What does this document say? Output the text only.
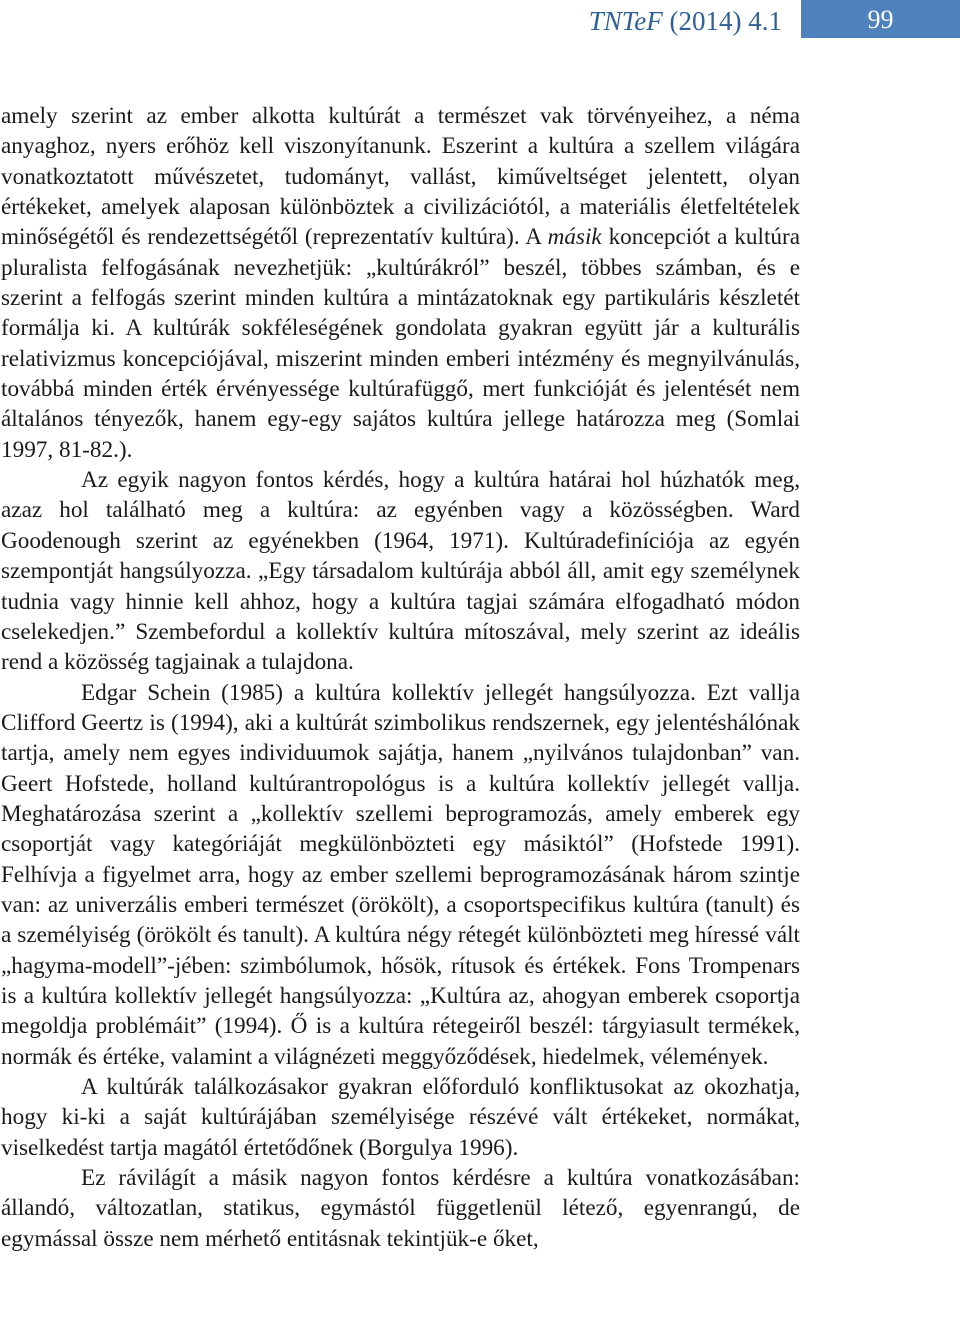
TNTeF (2014) 4.1	99

amely szerint az ember alkotta kultúrát a természet vak törvényeihez, a néma anyaghoz, nyers erőhöz kell viszonyítanunk. Eszerint a kultúra a szellem világára vonatkoztatott művészetet, tudományt, vallást, kiműveltséget jelentett, olyan értékeket, amelyek alaposan különböztek a civilizációtól, a materiális életfeltételek minőségétől és rendezettségétől (reprezentatív kultúra). A másik koncepciót a kultúra pluralista felfogásának nevezhetjük: „kultúrákról” beszél, többes számban, és e szerint a felfogás szerint minden kultúra a mintázatoknak egy partikuláris készletét formálja ki. A kultúrák sokféleségének gondolata gyakran együtt jár a kulturális relativizmus koncepciójával, miszerint minden emberi intézmény és megnyilvánulás, továbbá minden érték érvényessége kultúrafüggő, mert funkcióját és jelentését nem általános tényezők, hanem egy-egy sajátos kultúra jellege határozza meg (Somlai 1997, 81-82.).

Az egyik nagyon fontos kérdés, hogy a kultúra határai hol húzhatók meg, azaz hol található meg a kultúra: az egyénben vagy a közösségben. Ward Goodenough szerint az egyénekben (1964, 1971). Kultúradefiníciója az egyén szempontját hangsúlyozza. „Egy társadalom kultúrája abból áll, amit egy személynek tudnia vagy hinnie kell ahhoz, hogy a kultúra tagjai számára elfogadható módon cselekedjen.” Szembefordul a kollektív kultúra mítoszával, mely szerint az ideális rend a közösség tagjainak a tulajdona.

Edgar Schein (1985) a kultúra kollektív jellegét hangsúlyozza. Ezt vallja Clifford Geertz is (1994), aki a kultúrát szimbolikus rendszernek, egy jelentéshálónak tartja, amely nem egyes individuumok sajátja, hanem „nyilvános tulajdonban” van. Geert Hofstede, holland kultúrantropológus is a kultúra kollektív jellegét vallja. Meghatározása szerint a „kollektív szellemi beprogramozás, amely emberek egy csoportját vagy kategóriáját megkülönbözteti egy másiktól” (Hofstede 1991). Felhívja a figyelmet arra, hogy az ember szellemi beprogramozásának három szintje van: az univerzális emberi természet (örökölt), a csoportspecifikus kultúra (tanult) és a személyiség (örökölt és tanult). A kultúra négy rétegét különbözteti meg híressé vált „hagyma-modell”-jében: szimbólumok, hősök, rítusok és értékek. Fons Trompenars is a kultúra kollektív jellegét hangsúlyozza: „Kultúra az, ahogyan emberek csoportja megoldja problémáit” (1994). Ő is a kultúra rétegeiről beszél: tárgyiasult termékek, normák és értéke, valamint a világnézeti meggyőződések, hiedelmek, vélemények.

A kultúrák találkozásakor gyakran előforduló konfliktusokat az okozhatja, hogy ki-ki a saját kultúrájában személyisége részévé vált értékeket, normákat, viselkedést tartja magától értetődőnek (Borgulya 1996).

Ez rávilágít a másik nagyon fontos kérdésre a kultúra vonatkozásában: állandó, változatlan, statikus, egymástól függetlenül létező, egyenrangú, de egymással össze nem mérhető entitásnak tekintjük-e őket,
